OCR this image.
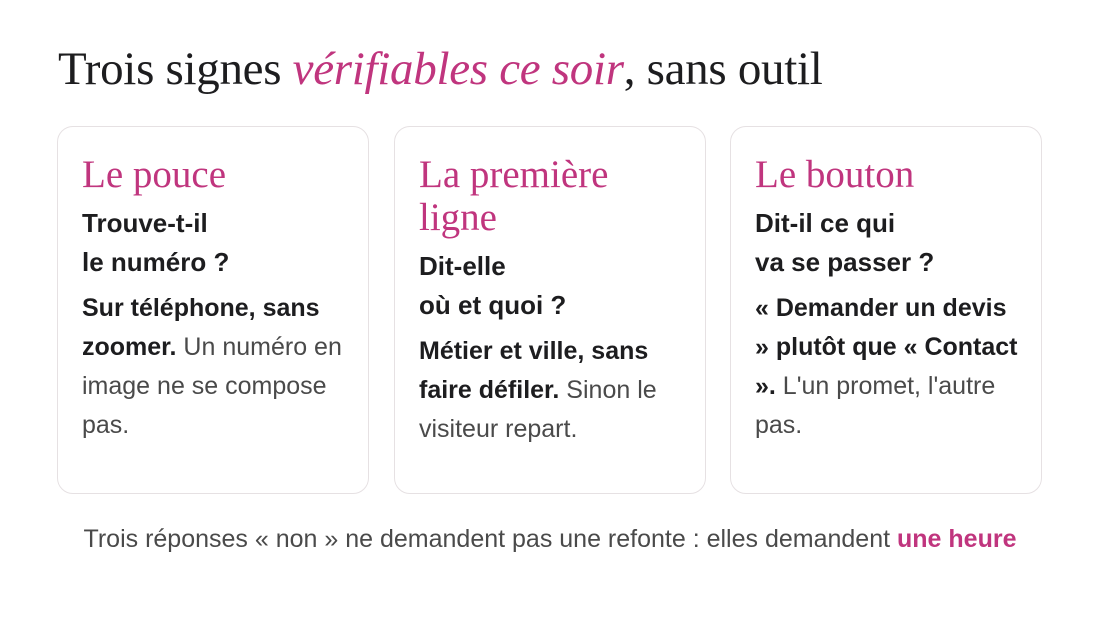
Trois signes vérifiables ce soir, sans outil
Le pouce

Trouve-t-il
le numéro ?

Sur téléphone, sans zoomer. Un numéro en image ne se compose pas.

La première ligne

Dit-elle
où et quoi ?

Métier et ville, sans faire défiler. Sinon le visiteur repart.

Le bouton

Dit-il ce qui
va se passer ?

« Demander un devis » plutôt que « Contact ». L'un promet, l'autre pas.

Trois réponses « non » ne demandent pas une refonte : elles demandent une heure
